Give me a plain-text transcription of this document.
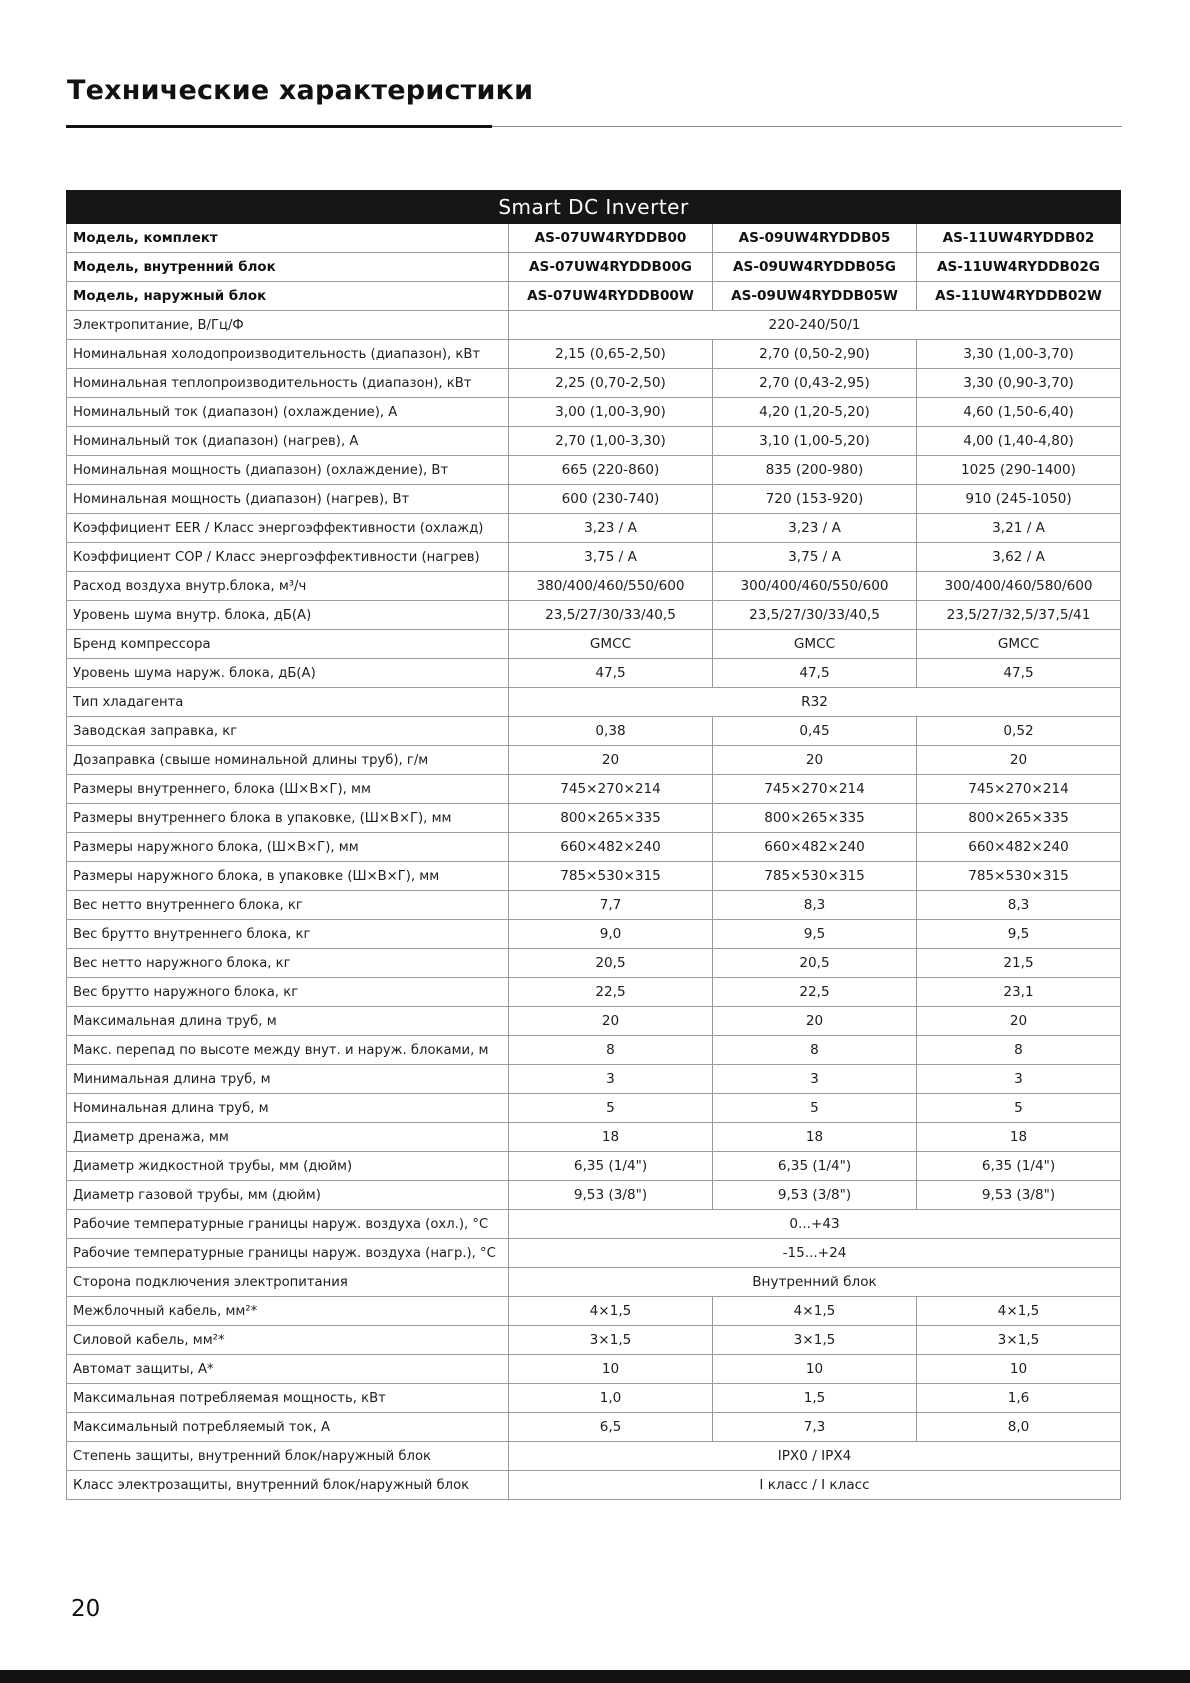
Технические характеристики
Smart DC Inverter			
Модель, комплект	AS-07UW4RYDDB00	AS-09UW4RYDDB05	AS-11UW4RYDDB02
Модель, внутренний блок	AS-07UW4RYDDB00G	AS-09UW4RYDDB05G	AS-11UW4RYDDB02G
Модель, наружный блок	AS-07UW4RYDDB00W	AS-09UW4RYDDB05W	AS-11UW4RYDDB02W
Электропитание, В/Гц/Ф	220-240/50/1		
Номинальная холодопроизводительность (диапазон), кВт	2,15 (0,65-2,50)	2,70 (0,50-2,90)	3,30 (1,00-3,70)
Номинальная теплопроизводительность (диапазон), кВт	2,25 (0,70-2,50)	2,70 (0,43-2,95)	3,30 (0,90-3,70)
Номинальный ток (диапазон) (охлаждение), А	3,00 (1,00-3,90)	4,20 (1,20-5,20)	4,60 (1,50-6,40)
Номинальный ток (диапазон) (нагрев), А	2,70 (1,00-3,30)	3,10 (1,00-5,20)	4,00 (1,40-4,80)
Номинальная мощность (диапазон) (охлаждение), Вт	665 (220-860)	835 (200-980)	1025 (290-1400)
Номинальная мощность (диапазон) (нагрев), Вт	600 (230-740)	720 (153-920)	910 (245-1050)
Коэффициент EER / Класс энергоэффективности (охлажд)	3,23 / A	3,23 / A	3,21 / A
Коэффициент COP / Класс энергоэффективности (нагрев)	3,75 / A	3,75 / A	3,62 / A
Расход воздуха внутр.блока, м³/ч	380/400/460/550/600	300/400/460/550/600	300/400/460/580/600
Уровень шума внутр. блока, дБ(А)	23,5/27/30/33/40,5	23,5/27/30/33/40,5	23,5/27/32,5/37,5/41
Бренд компрессора	GMCC	GMCC	GMCC
Уровень шума наруж. блока, дБ(А)	47,5	47,5	47,5
Тип хладагента	R32		
Заводская заправка, кг	0,38	0,45	0,52
Дозаправка (свыше номинальной длины труб), г/м	20	20	20
Размеры внутреннего, блока (Ш×В×Г), мм	745×270×214	745×270×214	745×270×214
Размеры внутреннего блока в упаковке, (Ш×В×Г), мм	800×265×335	800×265×335	800×265×335
Размеры наружного блока, (Ш×В×Г), мм	660×482×240	660×482×240	660×482×240
Размеры наружного блока, в упаковке (Ш×В×Г), мм	785×530×315	785×530×315	785×530×315
Вес нетто внутреннего блока, кг	7,7	8,3	8,3
Вес брутто внутреннего блока, кг	9,0	9,5	9,5
Вес нетто наружного блока, кг	20,5	20,5	21,5
Вес брутто наружного блока, кг	22,5	22,5	23,1
Максимальная длина труб, м	20	20	20
Макс. перепад по высоте между внут. и наруж. блоками, м	8	8	8
Минимальная длина труб, м	3	3	3
Номинальная длина труб, м	5	5	5
Диаметр дренажа, мм	18	18	18
Диаметр жидкостной трубы, мм (дюйм)	6,35 (1/4")	6,35 (1/4")	6,35 (1/4")
Диаметр газовой трубы, мм (дюйм)	9,53 (3/8")	9,53 (3/8")	9,53 (3/8")
Рабочие температурные границы наруж. воздуха (охл.), °С	0...+43		
Рабочие температурные границы наруж. воздуха (нагр.), °С	-15...+24		
Сторона подключения электропитания	Внутренний блок		
Межблочный кабель, мм²*	4×1,5	4×1,5	4×1,5
Силовой кабель, мм²*	3×1,5	3×1,5	3×1,5
Автомат защиты, А*	10	10	10
Максимальная потребляемая мощность, кВт	1,0	1,5	1,6
Максимальный потребляемый ток, А	6,5	7,3	8,0
Степень защиты, внутренний блок/наружный блок	IPX0 / IPX4		
Класс электрозащиты, внутренний блок/наружный блок	I класс / I класс		
20
